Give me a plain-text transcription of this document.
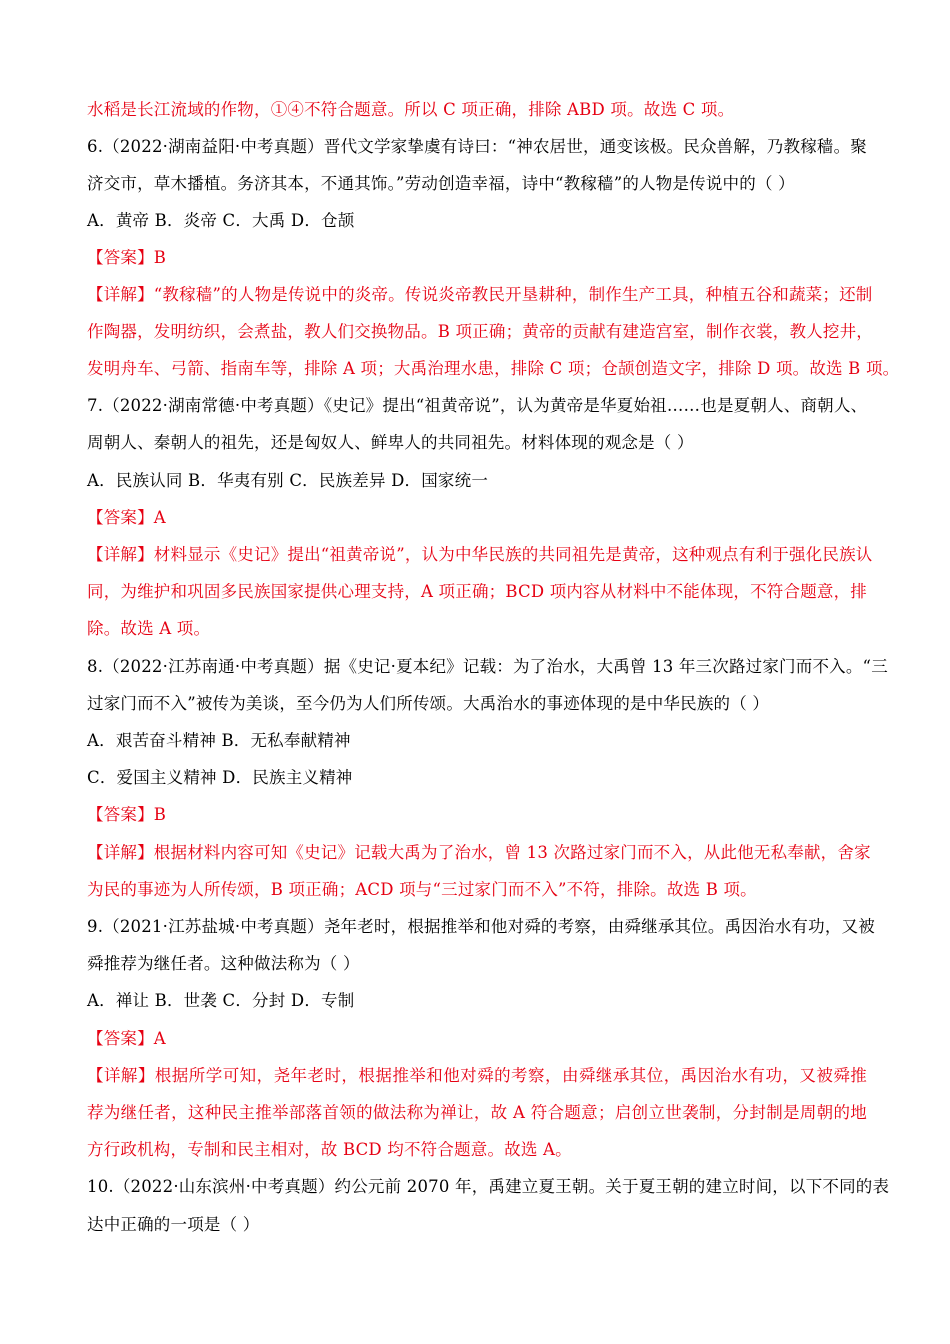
水稻是长江流域的作物，①④不符合题意。所以 C 项正确，排除 ABD 项。故选 C 项。
6.（2022·湖南益阳·中考真题）晋代文学家挚虞有诗曰：“神农居世，通变该极。民众兽解，乃教稼穑。聚
济交市，草木播植。务济其本，不通其饰。”劳动创造幸福，诗中“教稼穑”的人物是传说中的（ ）
A．黄帝 B．炎帝 C．大禹 D．仓颉
【答案】B
【详解】“教稼穑”的人物是传说中的炎帝。传说炎帝教民开垦耕种，制作生产工具，种植五谷和蔬菜；还制
作陶器，发明纺织，会煮盐，教人们交换物品。B 项正确；黄帝的贡献有建造宫室，制作衣裳，教人挖井，
发明舟车、弓箭、指南车等，排除 A 项；大禹治理水患，排除 C 项；仓颉创造文字，排除 D 项。故选 B 项。
7.（2022·湖南常德·中考真题）《史记》提出“祖黄帝说”，认为黄帝是华夏始祖……也是夏朝人、商朝人、
周朝人、秦朝人的祖先，还是匈奴人、鲜卑人的共同祖先。材料体现的观念是（ ）
A．民族认同 B．华夷有别 C．民族差异 D．国家统一
【答案】A
【详解】材料显示《史记》提出“祖黄帝说”，认为中华民族的共同祖先是黄帝，这种观点有利于强化民族认
同，为维护和巩固多民族国家提供心理支持，A 项正确；BCD 项内容从材料中不能体现，不符合题意，排
除。故选 A 项。
8.（2022·江苏南通·中考真题）据《史记·夏本纪》记载：为了治水，大禹曾 13 年三次路过家门而不入。“三
过家门而不入”被传为美谈，至今仍为人们所传颂。大禹治水的事迹体现的是中华民族的（ ）
A．艰苦奋斗精神 B．无私奉献精神
C．爱国主义精神 D．民族主义精神
【答案】B
【详解】根据材料内容可知《史记》记载大禹为了治水，曾 13 次路过家门而不入，从此他无私奉献，舍家
为民的事迹为人所传颂，B 项正确；ACD 项与“三过家门而不入”不符，排除。故选 B 项。
9.（2021·江苏盐城·中考真题）尧年老时，根据推举和他对舜的考察，由舜继承其位。禹因治水有功，又被
舜推荐为继任者。这种做法称为（ ）
A．禅让 B．世袭 C．分封 D．专制
【答案】A
【详解】根据所学可知，尧年老时，根据推举和他对舜的考察，由舜继承其位，禹因治水有功，又被舜推
荐为继任者，这种民主推举部落首领的做法称为禅让，故 A 符合题意；启创立世袭制，分封制是周朝的地
方行政机构，专制和民主相对，故 BCD 均不符合题意。故选 A。
10.（2022·山东滨州·中考真题）约公元前 2070 年，禹建立夏王朝。关于夏王朝的建立时间，以下不同的表
达中正确的一项是（ ）
